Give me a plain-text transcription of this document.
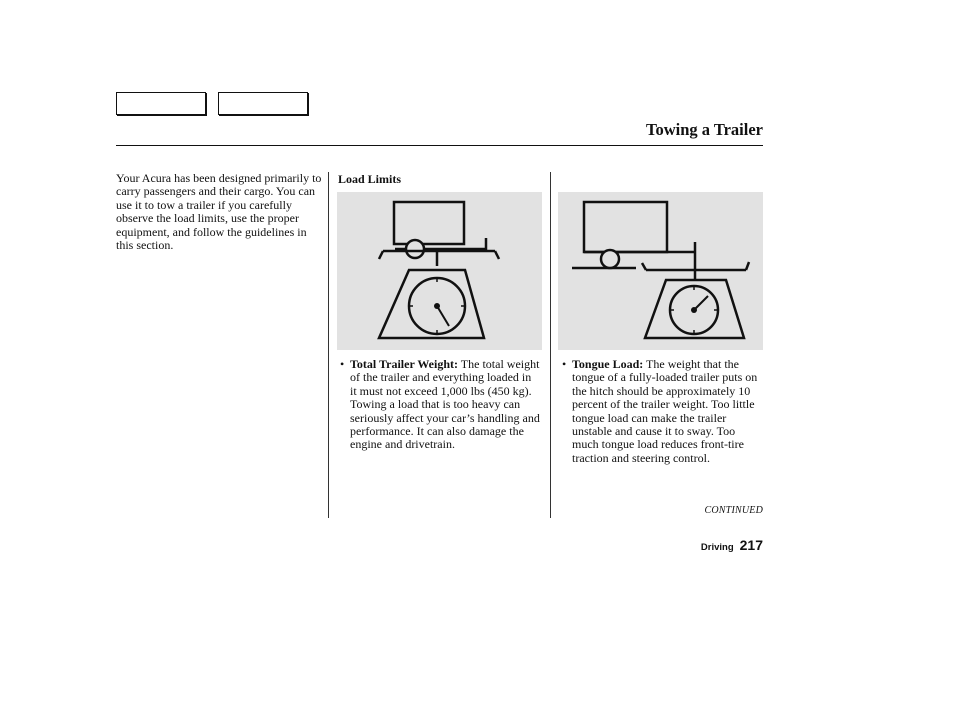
Towing a Trailer
Your Acura has been designed primarily to carry passengers and their cargo. You can use it to tow a trailer if you carefully observe the load limits, use the proper equipment, and follow the guidelines in this section.
Load Limits
• Total Trailer Weight: The total weight of the trailer and everything loaded in it must not exceed 1,000 lbs (450 kg). Towing a load that is too heavy can seriously affect your car’s handling and performance. It can also damage the engine and drivetrain.
• Tongue Load: The weight that the tongue of a fully-loaded trailer puts on the hitch should be approximately 10 percent of the trailer weight. Too little tongue load can make the trailer unstable and cause it to sway. Too much tongue load reduces front-tire traction and steering control.
CONTINUED
Driving 217
